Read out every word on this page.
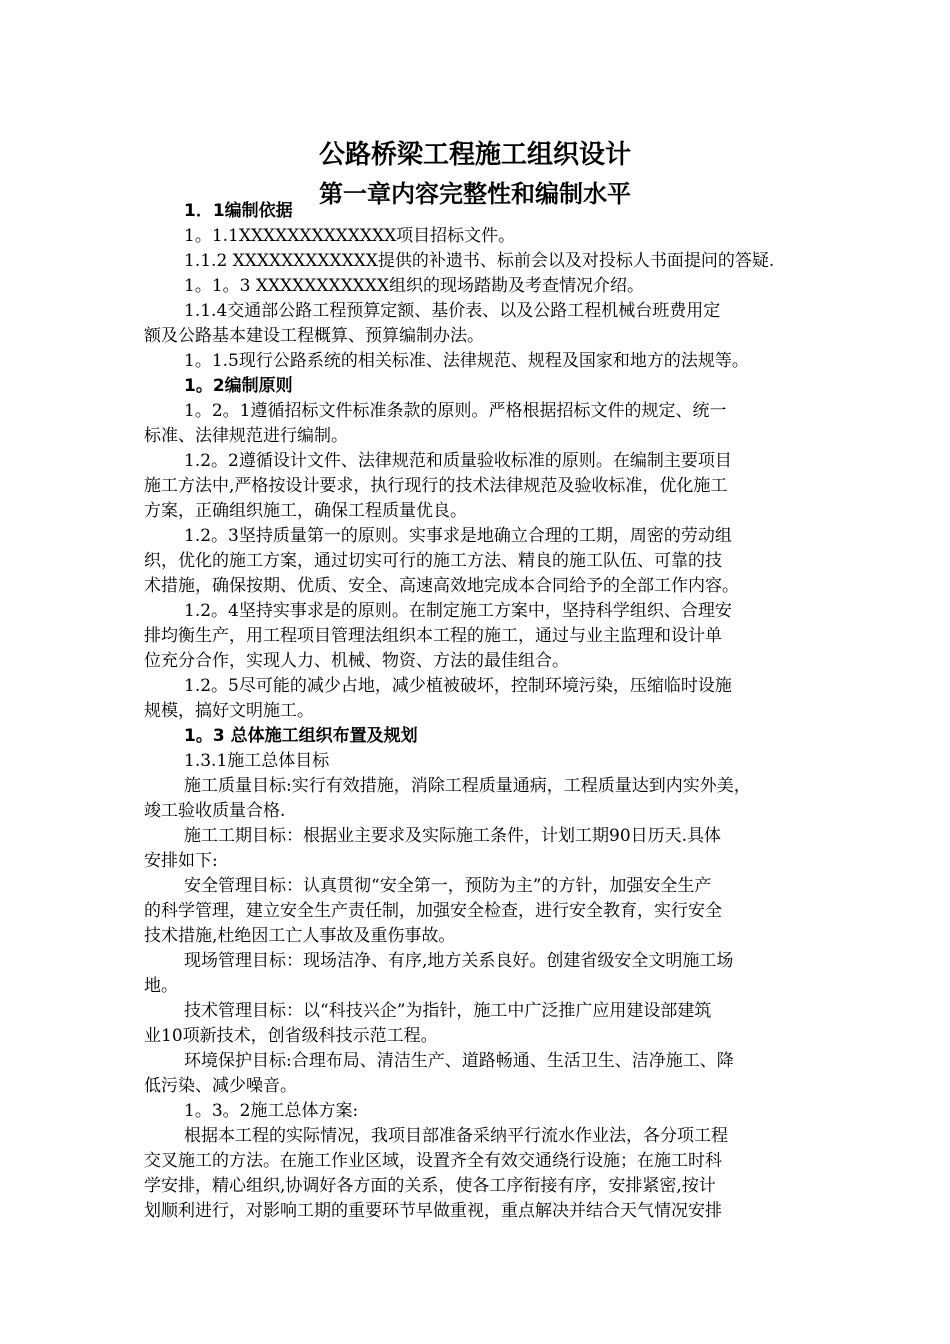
公路桥梁工程施工组织设计
第一章内容完整性和编制水平
1．1编制依据
1。1.1XXXXXXXXXXXXX项目招标文件。
1.1.2 XXXXXXXXXXXX提供的补遗书、标前会以及对投标人书面提问的答疑.
1。1。3 XXXXXXXXXXX组织的现场踏勘及考查情况介绍。
1.1.4交通部公路工程预算定额、基价表、以及公路工程机械台班费用定
额及公路基本建设工程概算、预算编制办法。
1。1.5现行公路系统的相关标准、法律规范、规程及国家和地方的法规等。
1。2编制原则
1。2。1遵循招标文件标准条款的原则。严格根据招标文件的规定、统一
标准、法律规范进行编制。
1.2。2遵循设计文件、法律规范和质量验收标准的原则。在编制主要项目
施工方法中,严格按设计要求，执行现行的技术法律规范及验收标准，优化施工
方案，正确组织施工，确保工程质量优良。
1.2。3坚持质量第一的原则。实事求是地确立合理的工期，周密的劳动组
织，优化的施工方案，通过切实可行的施工方法、精良的施工队伍、可靠的技
术措施，确保按期、优质、安全、高速高效地完成本合同给予的全部工作内容。
1.2。4坚持实事求是的原则。在制定施工方案中，坚持科学组织、合理安
排均衡生产，用工程项目管理法组织本工程的施工，通过与业主监理和设计单
位充分合作，实现人力、机械、物资、方法的最佳组合。
1.2。5尽可能的减少占地，减少植被破坏，控制环境污染，压缩临时设施
规模，搞好文明施工。
1。3 总体施工组织布置及规划
1.3.1施工总体目标
施工质量目标:实行有效措施，消除工程质量通病，工程质量达到内实外美，
竣工验收质量合格.
施工工期目标：根据业主要求及实际施工条件，计划工期90日历天.具体
安排如下:
安全管理目标：认真贯彻“安全第一，预防为主”的方针，加强安全生产
的科学管理，建立安全生产责任制，加强安全检查，进行安全教育，实行安全
技术措施,杜绝因工亡人事故及重伤事故。
现场管理目标：现场洁净、有序,地方关系良好。创建省级安全文明施工场
地。
技术管理目标：以“科技兴企”为指针，施工中广泛推广应用建设部建筑
业10项新技术，创省级科技示范工程。
环境保护目标:合理布局、清洁生产、道路畅通、生活卫生、洁净施工、降
低污染、减少噪音。
1。3。2施工总体方案:
根据本工程的实际情况，我项目部准备采纳平行流水作业法，各分项工程
交叉施工的方法。在施工作业区域，设置齐全有效交通绕行设施；在施工时科
学安排，精心组织,协调好各方面的关系，使各工序衔接有序，安排紧密,按计
划顺利进行，对影响工期的重要环节早做重视，重点解决并结合天气情况安排
